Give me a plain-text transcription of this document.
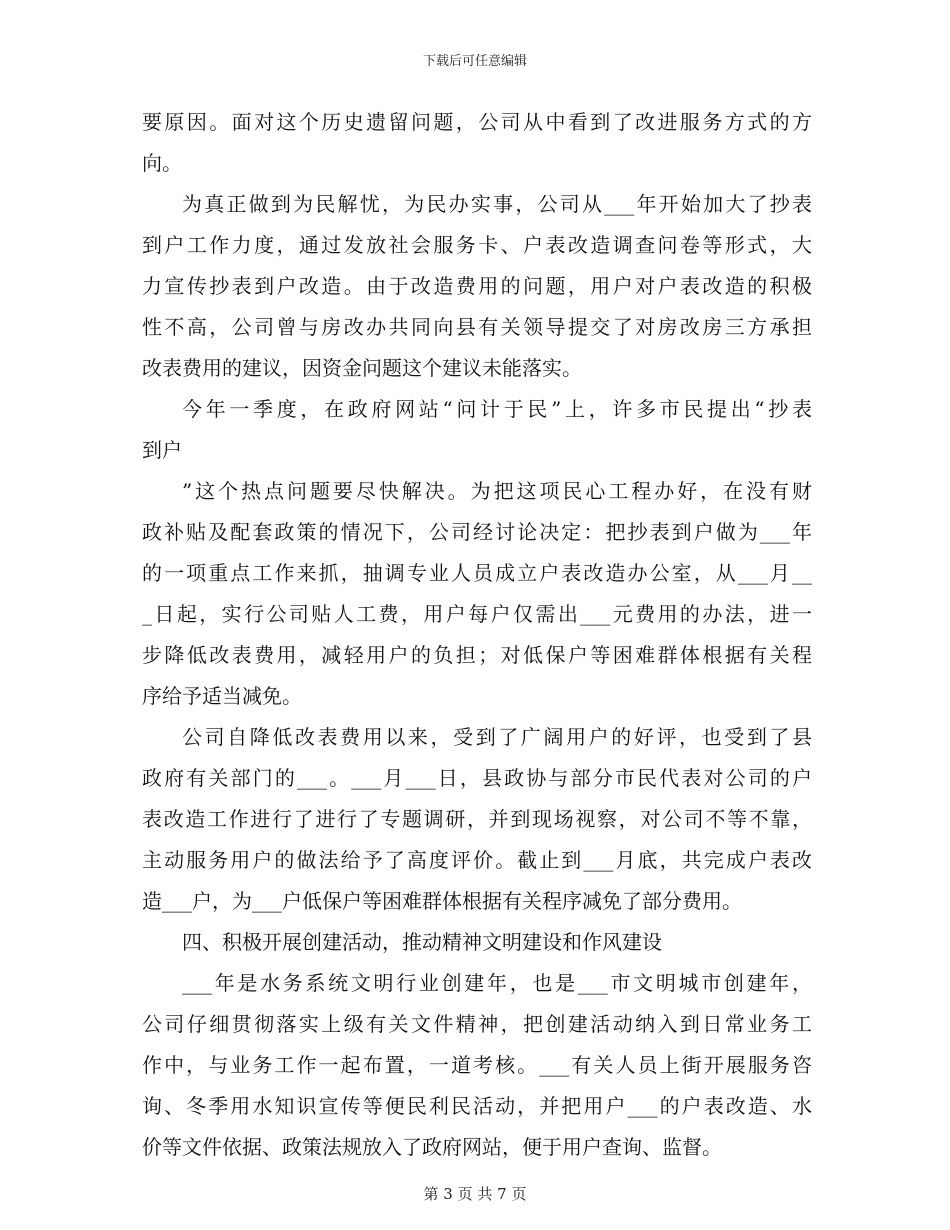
下载后可任意编辑
要原因。面对这个历史遗留问题，公司从中看到了改进服务方式的方
向。
为真正做到为民解忧，为民办实事，公司从___年开始加大了抄表
到户工作力度，通过发放社会服务卡、户表改造调查问卷等形式，大
力宣传抄表到户改造。由于改造费用的问题，用户对户表改造的积极
性不高，公司曾与房改办共同向县有关领导提交了对房改房三方承担
改表费用的建议，因资金问题这个建议未能落实。
今年一季度，在政府网站“问计于民”上，许多市民提出“抄表
到户
”这个热点问题要尽快解决。为把这项民心工程办好，在没有财
政补贴及配套政策的情况下，公司经讨论决定：把抄表到户做为___年
的一项重点工作来抓，抽调专业人员成立户表改造办公室，从___月__
_日起，实行公司贴人工费，用户每户仅需出___元费用的办法，进一
步降低改表费用，减轻用户的负担；对低保户等困难群体根据有关程
序给予适当减免。
公司自降低改表费用以来，受到了广阔用户的好评，也受到了县
政府有关部门的___。___月___日，县政协与部分市民代表对公司的户
表改造工作进行了进行了专题调研，并到现场视察，对公司不等不靠，
主动服务用户的做法给予了高度评价。截止到___月底，共完成户表改
造___户，为___户低保户等困难群体根据有关程序减免了部分费用。
四、积极开展创建活动，推动精神文明建设和作风建设
___年是水务系统文明行业创建年，也是___市文明城市创建年，
公司仔细贯彻落实上级有关文件精神，把创建活动纳入到日常业务工
作中，与业务工作一起布置，一道考核。___有关人员上街开展服务咨
询、冬季用水知识宣传等便民利民活动，并把用户___的户表改造、水
价等文件依据、政策法规放入了政府网站，便于用户查询、监督。
第 3 页 共 7 页
